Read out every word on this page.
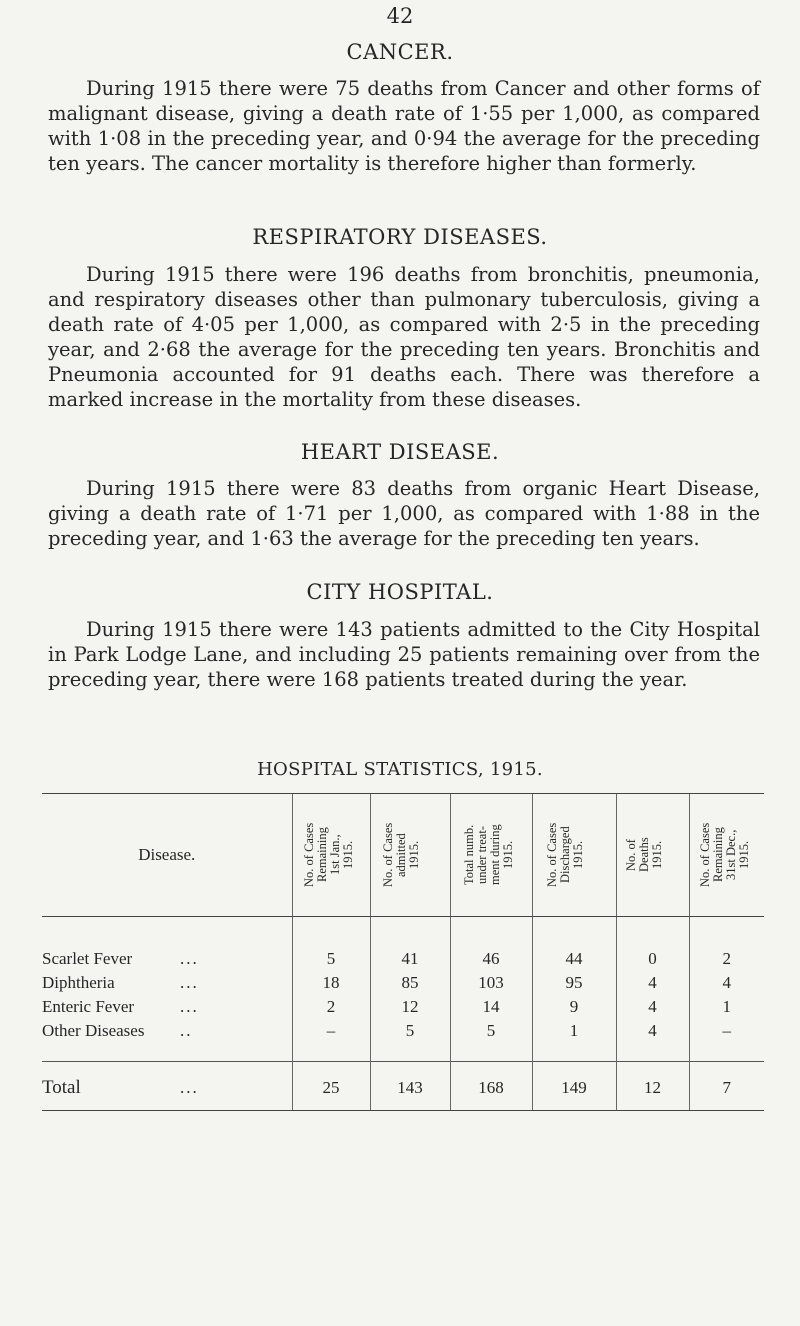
42
CANCER.

During 1915 there were 75 deaths from Cancer and other forms of malignant disease, giving a death rate of 1·55 per 1,000, as compared with 1·08 in the preceding year, and 0·94 the average for the preceding ten years. The cancer mortality is therefore higher than formerly.

RESPIRATORY DISEASES.

During 1915 there were 196 deaths from bronchitis, pneumonia, and respiratory diseases other than pulmonary tuberculosis, giving a death rate of 4·05 per 1,000, as compared with 2·5 in the preceding year, and 2·68 the average for the preceding ten years. Bronchitis and Pneumonia accounted for 91 deaths each. There was therefore a marked increase in the mortality from these diseases.

HEART DISEASE.

During 1915 there were 83 deaths from organic Heart Disease, giving a death rate of 1·71 per 1,000, as compared with 1·88 in the preceding year, and 1·63 the average for the preceding ten years.

CITY HOSPITAL.

During 1915 there were 143 patients admitted to the City Hospital in Park Lodge Lane, and including 25 patients remaining over from the preceding year, there were 168 patients treated during the year.

HOSPITAL STATISTICS, 1915.
Disease.	No. of Cases
Remaining
1st Jan.,
1915.	No. of Cases
admitted
1915.	Total numb.
under treat-
ment during
1915.	No. of Cases
Discharged
1915.	No. of
Deaths
1915.	No. of Cases
Remaining
31st Dec.,
1915.

Scarlet Fever ...	5	41	46	44	0	2
Diphtheria ...	18	85	103	95	4	4
Enteric Fever ...	2	12	14	9	4	1
Other Diseases ..	–	5	5	1	4	–
Total ...	25	143	168	149	12	7
